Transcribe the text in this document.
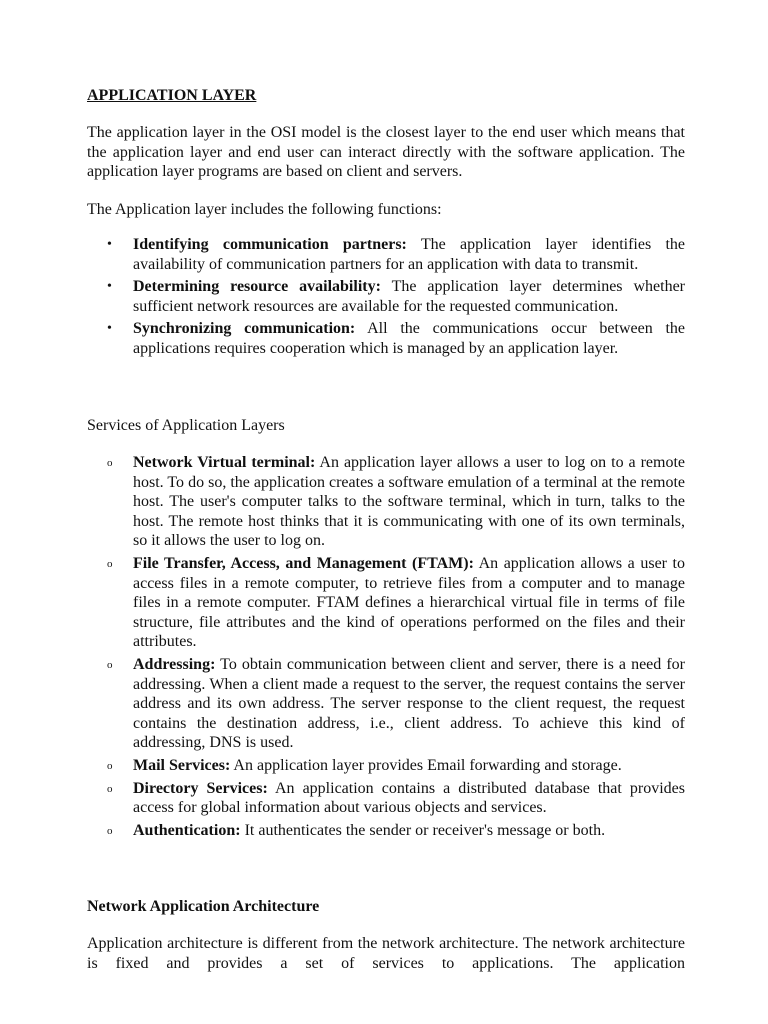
APPLICATION LAYER

The application layer in the OSI model is the closest layer to the end user which means that the application layer and end user can interact directly with the software application. The application layer programs are based on client and servers.

The Application layer includes the following functions:

• Identifying communication partners: The application layer identifies the availability of communication partners for an application with data to transmit.
• Determining resource availability: The application layer determines whether sufficient network resources are available for the requested communication.
• Synchronizing communication: All the communications occur between the applications requires cooperation which is managed by an application layer.

Services of Application Layers

o Network Virtual terminal: An application layer allows a user to log on to a remote host. To do so, the application creates a software emulation of a terminal at the remote host. The user's computer talks to the software terminal, which in turn, talks to the host. The remote host thinks that it is communicating with one of its own terminals, so it allows the user to log on.
o File Transfer, Access, and Management (FTAM): An application allows a user to access files in a remote computer, to retrieve files from a computer and to manage files in a remote computer. FTAM defines a hierarchical virtual file in terms of file structure, file attributes and the kind of operations performed on the files and their attributes.
o Addressing: To obtain communication between client and server, there is a need for addressing. When a client made a request to the server, the request contains the server address and its own address. The server response to the client request, the request contains the destination address, i.e., client address. To achieve this kind of addressing, DNS is used.
o Mail Services: An application layer provides Email forwarding and storage.
o Directory Services: An application contains a distributed database that provides access for global information about various objects and services.
o Authentication: It authenticates the sender or receiver's message or both.
Network Application Architecture

Application architecture is different from the network architecture. The network architecture is fixed and provides a set of services to applications. The application
